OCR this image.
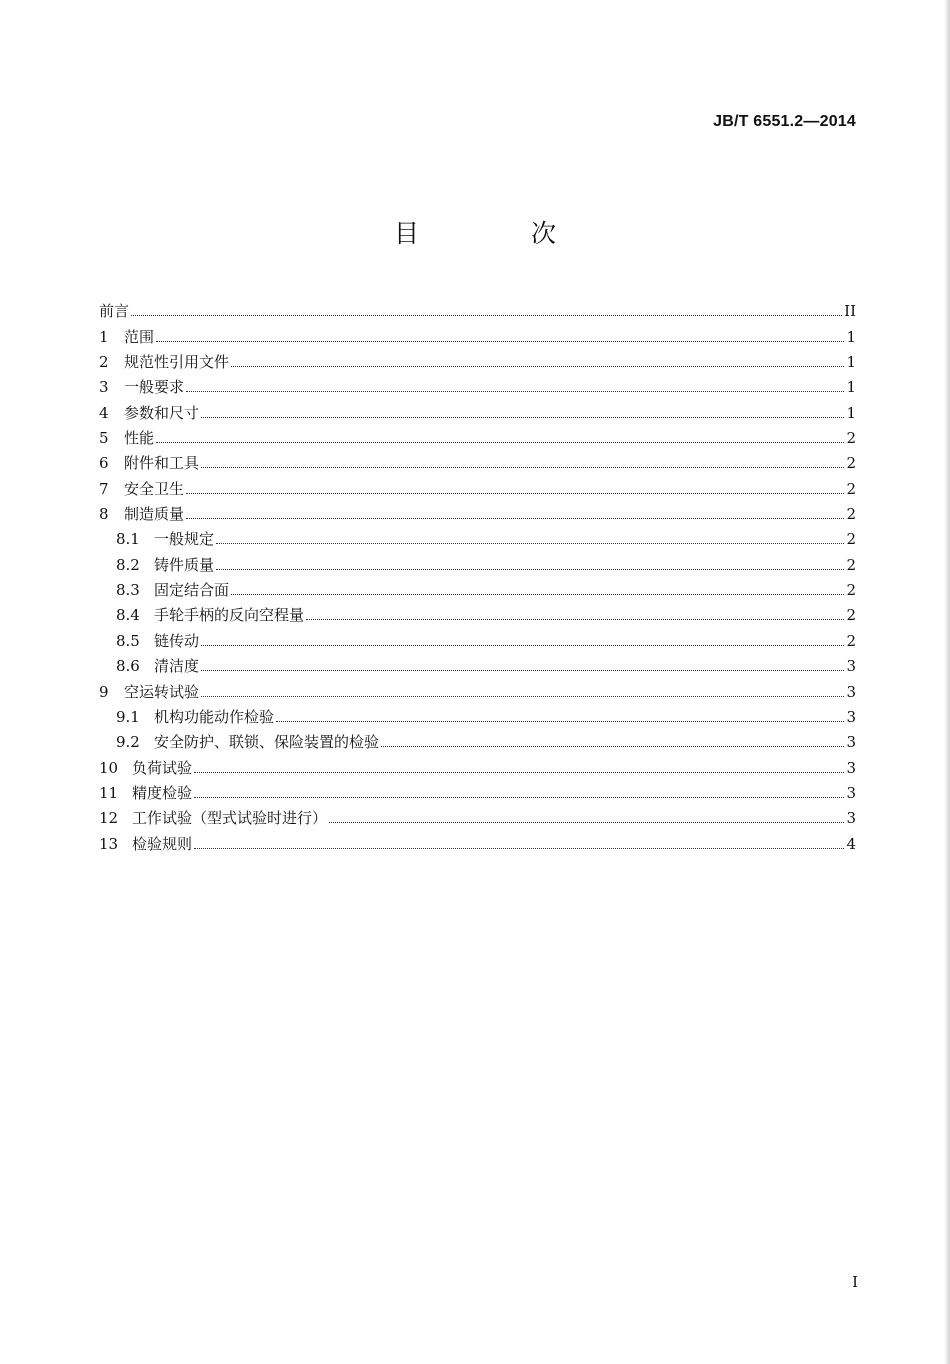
JB/T 6551.2—2014
目 次
前言	II
1	范围	1
2	规范性引用文件	1
3	一般要求	1
4	参数和尺寸	1
5	性能	2
6	附件和工具	2
7	安全卫生	2
8	制造质量	2
8.1 一般规定	2
8.2 铸件质量	2
8.3 固定结合面	2
8.4 手轮手柄的反向空程量	2
8.5 链传动	2
8.6 清洁度	3
9	空运转试验	3
9.1 机构功能动作检验	3
9.2 安全防护、联锁、保险装置的检验	3
10 负荷试验	3
11 精度检验	3
12 工作试验（型式试验时进行）	3
13 检验规则	4
I
